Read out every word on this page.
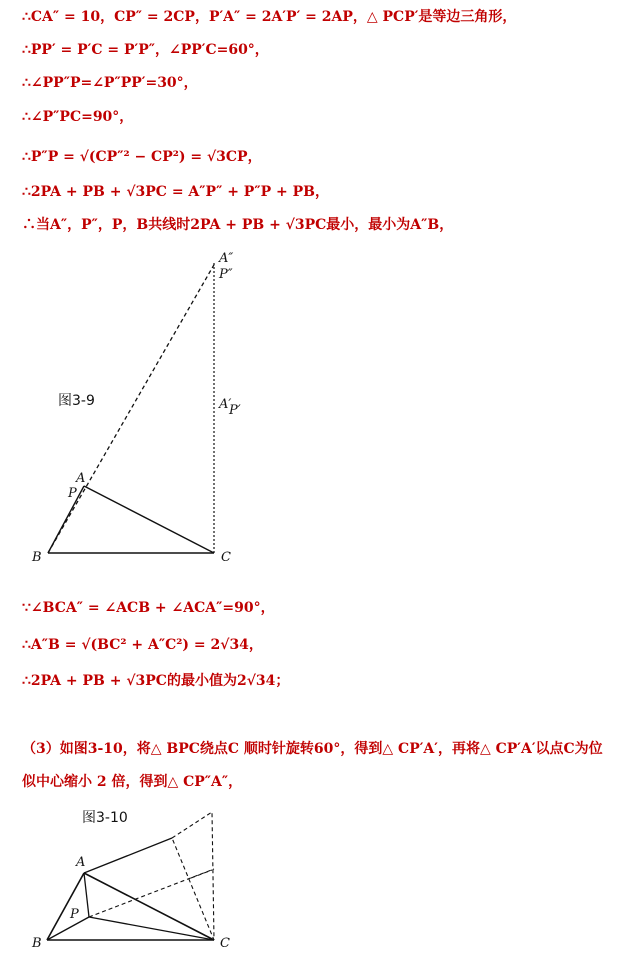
∴CA″ = 10，CP″ = 2CP，P′A″ = 2A′P′ = 2AP，△ PCP′是等边三角形，
∴PP′ = P′C = P′P″，∠PP′C=60°，
∴∠PP″P=∠P″PP′=30°，
∴∠P″PC=90°，
∴P″P = √(CP″² − CP²) = √3CP，
∴2PA + PB + √3PC = A″P″ + P″P + PB，
∴当A″，P″，P，B共线时2PA + PB + √3PC最小，最小为A″B，
A″
P″
A′
P′
A
P
B	C
图3-9
∵∠BCA″ = ∠ACB + ∠ACA″=90°，
∴A″B = √(BC² + A″C²) = 2√34，
∴2PA + PB + √3PC的最小值为2√34；
（3）如图3-10，将△ BPC绕点C 顺时针旋转60°，得到△ CP′A′，再将△ CP′A′以点C为位
似中心缩小 2 倍，得到△ CP″A″，
A
P
B	C
图3-10
